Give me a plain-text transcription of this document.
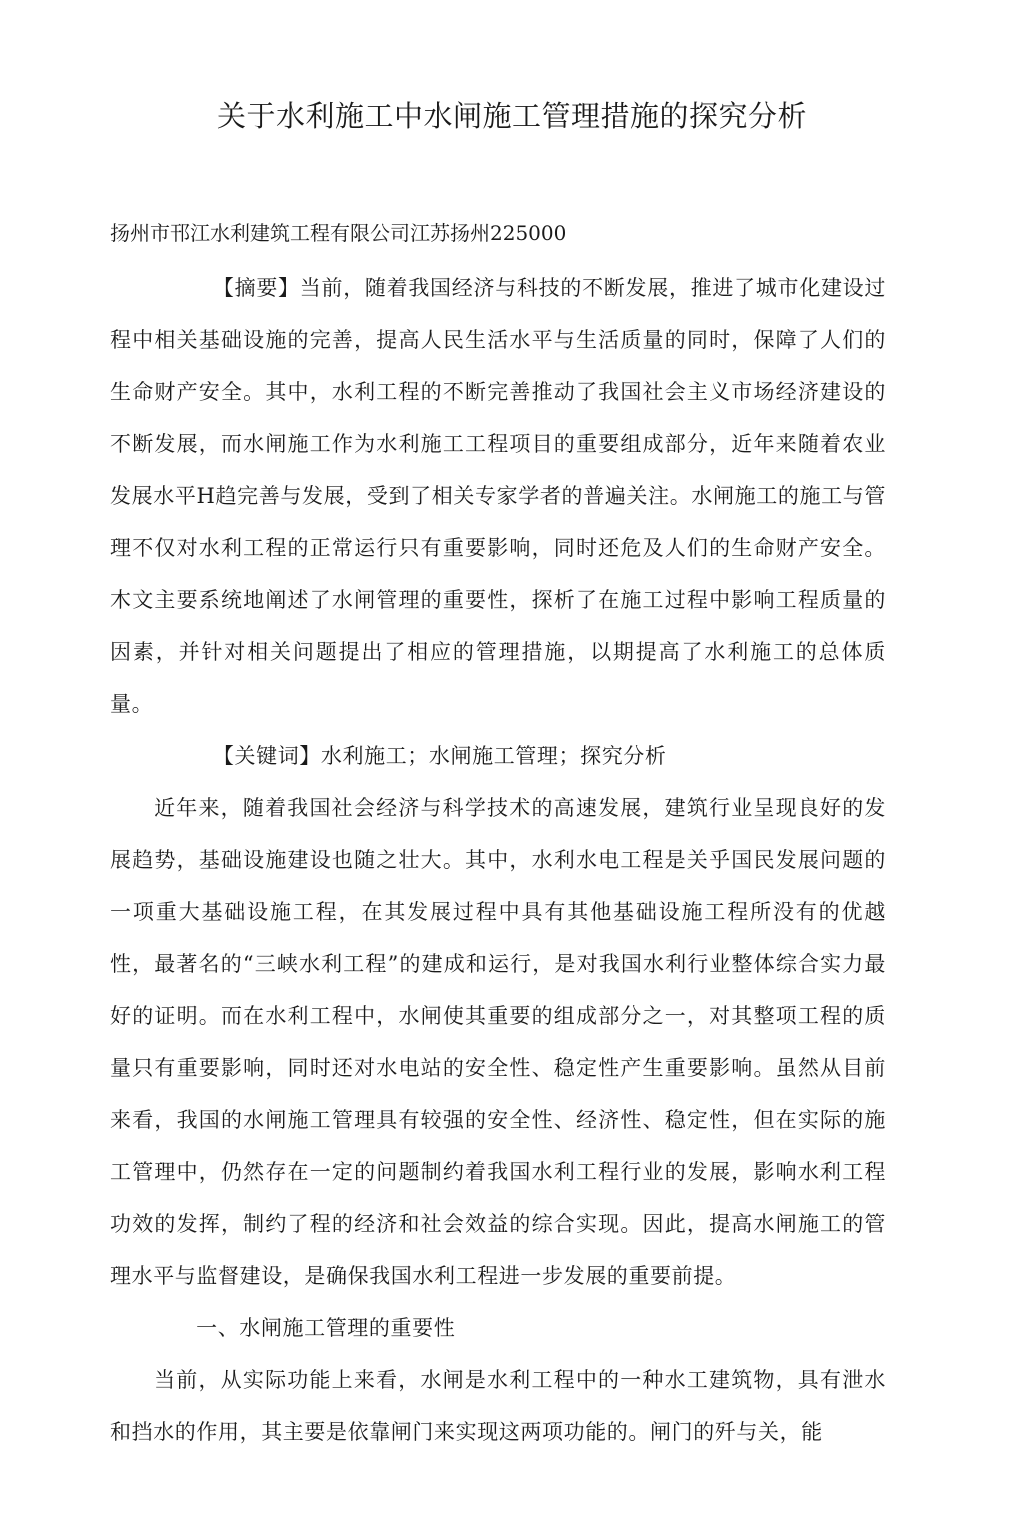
关于水利施工中水闸施工管理措施的探究分析

扬州市邗江水利建筑工程有限公司江苏扬州225000

【摘要】当前，随着我国经济与科技的不断发展，推进了城市化建设过程中相关基础设施的完善，提高人民生活水平与生活质量的同时，保障了人们的生命财产安全。其中，水利工程的不断完善推动了我国社会主义市场经济建设的不断发展，而水闸施工作为水利施工工程项目的重要组成部分，近年来随着农业发展水平H趋完善与发展，受到了相关专家学者的普遍关注。水闸施工的施工与管理不仅对水利工程的正常运行只有重要影响，同时还危及人们的生命财产安全。木文主要系统地阐述了水闸管理的重要性，探析了在施工过程中影响工程质量的因素，并针对相关问题提出了相应的管理措施，以期提高了水利施工的总体质量。

【关键词】水利施工；水闸施工管理；探究分析

近年来，随着我国社会经济与科学技术的高速发展，建筑行业呈现良好的发展趋势，基础设施建设也随之壮大。其中，水利水电工程是关乎国民发展问题的一项重大基础设施工程，在其发展过程中具有其他基础设施工程所没有的优越性，最著名的“三峡水利工程”的建成和运行，是对我国水利行业整体综合实力最好的证明。而在水利工程中，水闸使其重要的组成部分之一，对其整项工程的质量只有重要影响，同时还对水电站的安全性、稳定性产生重要影响。虽然从目前来看，我国的水闸施工管理具有较强的安全性、经济性、稳定性，但在实际的施工管理中，仍然存在一定的问题制约着我国水利工程行业的发展，影响水利工程功效的发挥，制约了程的经济和社会效益的综合实现。因此，提高水闸施工的管理水平与监督建设，是确保我国水利工程进一步发展的重要前提。

一、水闸施工管理的重要性

当前，从实际功能上来看，水闸是水利工程中的一种水工建筑物，具有泄水和挡水的作用，其主要是依靠闸门来实现这两项功能的。闸门的歼与关，能
